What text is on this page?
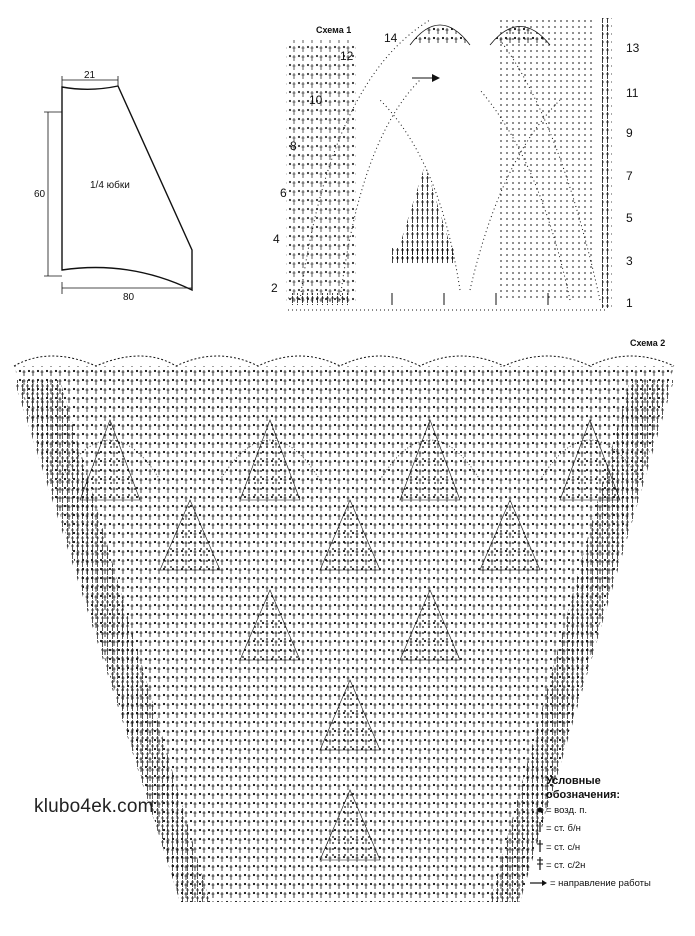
21
60
80
1/4 юбки
Схема 1
14
12
10
8
6
4
2
13
11
9
7
5
3
1
Схема 2
Условные
обозначения:
= возд. п.
= ст. б/н
= ст. с/н
= ст. с/2н
= направление работы
klubo4ek.com
